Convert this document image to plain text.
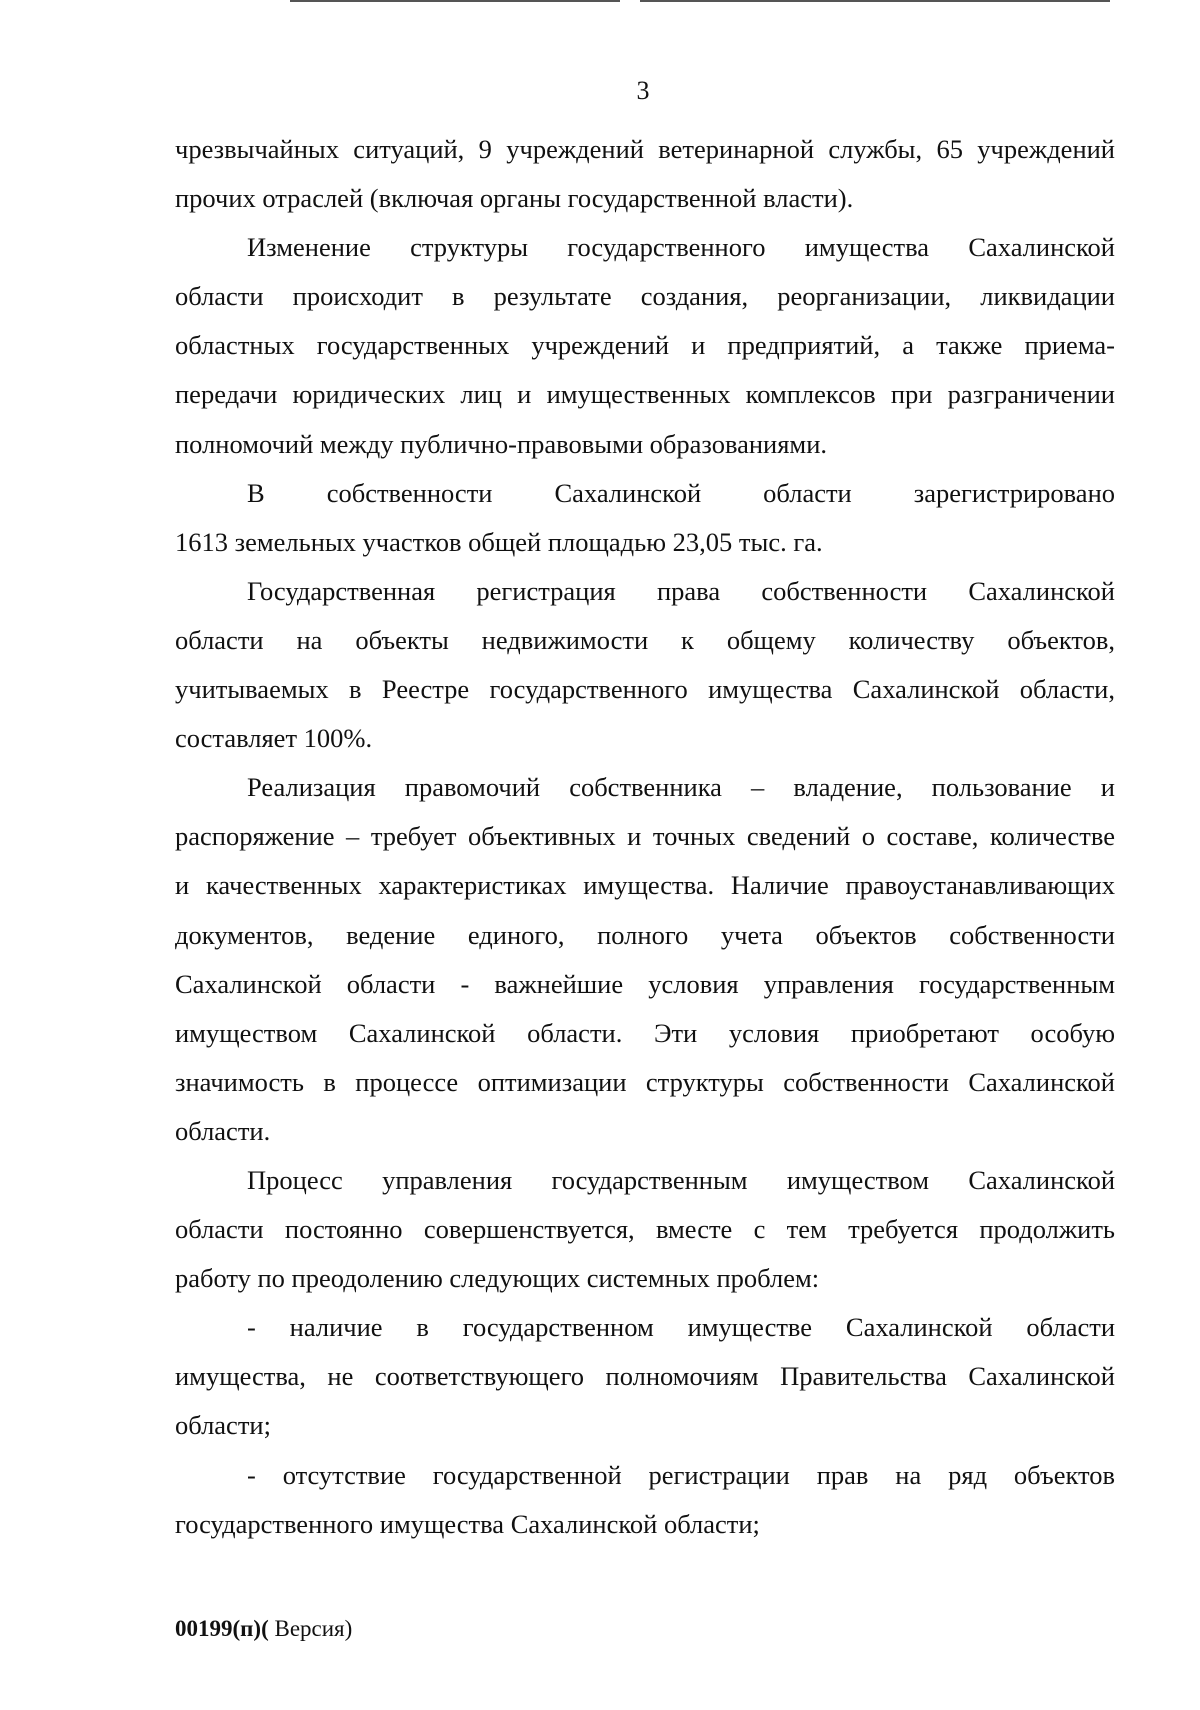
3
чрезвычайных ситуаций, 9 учреждений ветеринарной службы, 65 учреждений
прочих отраслей (включая органы государственной власти).
Изменение структуры государственного имущества Сахалинской
области происходит в результате создания, реорганизации, ликвидации
областных государственных учреждений и предприятий, а также приема-
передачи юридических лиц и имущественных комплексов при разграничении
полномочий между публично-правовыми образованиями.
В собственности Сахалинской области зарегистрировано
1613 земельных участков общей площадью 23,05 тыс. га.
Государственная регистрация права собственности Сахалинской
области на объекты недвижимости к общему количеству объектов,
учитываемых в Реестре государственного имущества Сахалинской области,
составляет 100%.
Реализация правомочий собственника – владение, пользование и
распоряжение – требует объективных и точных сведений о составе, количестве
и качественных характеристиках имущества. Наличие правоустанавливающих
документов, ведение единого, полного учета объектов собственности
Сахалинской области - важнейшие условия управления государственным
имуществом Сахалинской области. Эти условия приобретают особую
значимость в процессе оптимизации структуры собственности Сахалинской
области.
Процесс управления государственным имуществом Сахалинской
области постоянно совершенствуется, вместе с тем требуется продолжить
работу по преодолению следующих системных проблем:
- наличие в государственном имуществе Сахалинской области
имущества, не соответствующего полномочиям Правительства Сахалинской
области;
- отсутствие государственной регистрации прав на ряд объектов
государственного имущества Сахалинской области;
00199(п)( Версия)
